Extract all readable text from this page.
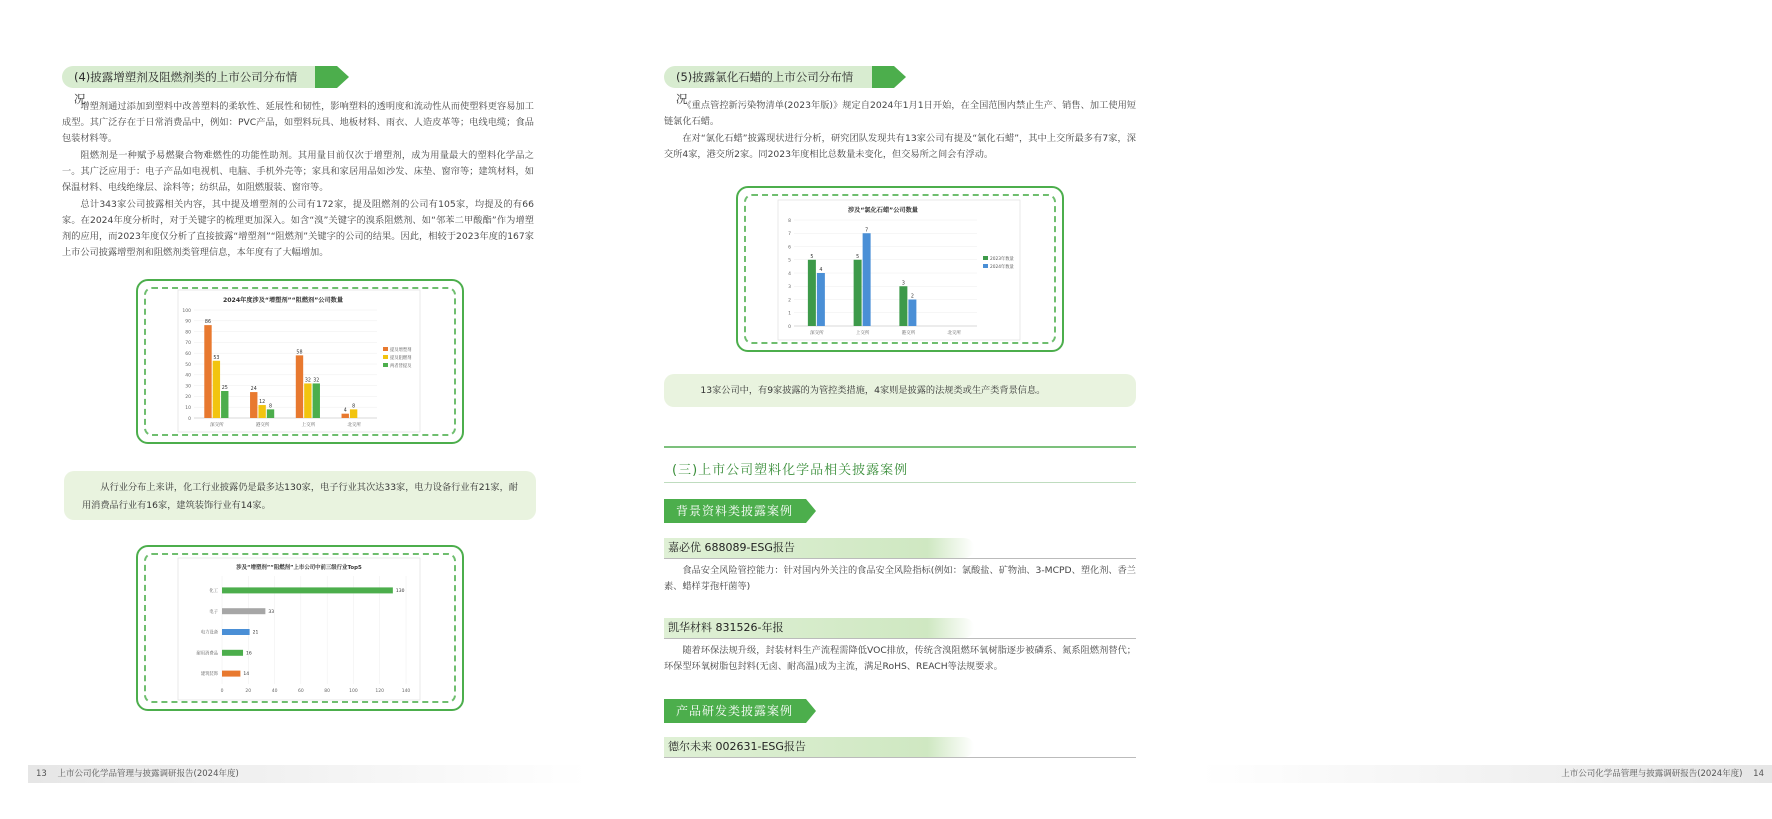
(4)披露增塑剂及阻燃剂类的上市公司分布情况

增塑剂通过添加到塑料中改善塑料的柔软性、延展性和韧性，影响塑料的透明度和流动性从而使塑料更容易加工成型。其广泛存在于日常消费品中，例如：PVC产品，如塑料玩具、地板材料、雨衣、人造皮革等；电线电缆；食品包装材料等。

阻燃剂是一种赋予易燃聚合物难燃性的功能性助剂。其用量目前仅次于增塑剂，成为用量最大的塑料化学品之一。其广泛应用于：电子产品如电视机、电脑、手机外壳等；家具和家居用品如沙发、床垫、窗帘等；建筑材料，如保温材料、电线绝缘层、涂料等；纺织品，如阻燃服装、窗帘等。

总计343家公司披露相关内容，其中提及增塑剂的公司有172家，提及阻燃剂的公司有105家，均提及的有66家。在2024年度分析时，对于关键字的梳理更加深入。如含“溴”关键字的溴系阻燃剂、如“邻苯二甲酸酯”作为增塑剂的应用，而2023年度仅分析了直接披露“增塑剂”“阻燃剂”关键字的公司的结果。因此，相较于2023年度的167家上市公司披露增塑剂和阻燃剂类管理信息，本年度有了大幅增加。

2024年度涉及“增塑剂”“阻燃剂”公司数量
0
10
20
30
40
50
60
70
80
90
100
86
53
25
深交所
24
12
8
港交所
58
32 32
上交所
4
8
北交所
提及增塑剂
提及阻燃剂
两者皆提及
从行业分布上来讲，化工行业披露仍是最多达130家，电子行业其次达33家，电力设备行业有21家，耐用消费品行业有16家，建筑装饰行业有14家。
涉及“增塑剂”“阻燃剂”上市公司中前三级行业Top5
0	20	40	60	80	100	120	140
130
化工
33
电子
21
电力设备
16
耐用消费品
14
建筑装饰
13 上市公司化学品管理与披露调研报告(2024年度)
(5)披露氯化石蜡的上市公司分布情况

《重点管控新污染物清单(2023年版)》规定自2024年1月1日开始，在全国范围内禁止生产、销售、加工使用短链氯化石蜡。

在对“氯化石蜡”披露现状进行分析，研究团队发现共有13家公司有提及“氯化石蜡”，其中上交所最多有7家，深交所4家，港交所2家。同2023年度相比总数量未变化，但交易所之间会有浮动。

涉及“氯化石蜡”公司数量
0
1
2
3
4
5
6
7
8
5
4
深交所
5
7
上交所
3
2
港交所	北交所
2023年数量
2024年数量
13家公司中，有9家披露的为管控类措施，4家则是披露的法规类或生产类背景信息。
(三)上市公司塑料化学品相关披露案例
背景资料类披露案例
嘉必优 688089-ESG报告

食品安全风险管控能力：针对国内外关注的食品安全风险指标(例如：氯酸盐、矿物油、3-MCPD、塑化剂、香兰素、蜡样芽孢杆菌等)

凯华材料 831526-年报

随着环保法规升级，封装材料生产流程需降低VOC排放，传统含溴阻燃环氧树脂逐步被磷系、氮系阻燃剂替代；环保型环氧树脂包封料(无卤、耐高温)成为主流，满足RoHS、REACH等法规要求。

产品研发类披露案例
德尔未来 002631-ESG报告
上市公司化学品管理与披露调研报告(2024年度) 14
